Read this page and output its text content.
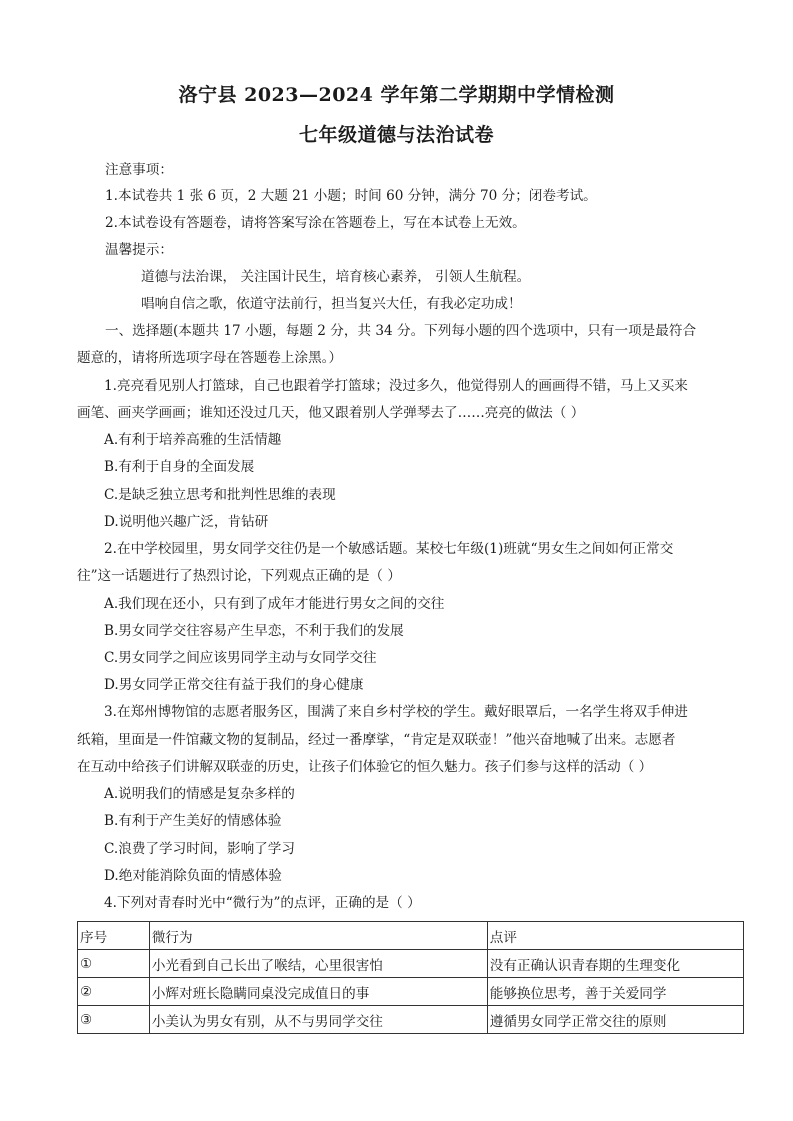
洛宁县 2023—2024 学年第二学期期中学情检测
七年级道德与法治试卷
注意事项：
1.本试卷共 1 张 6 页，2 大题 21 小题；时间 60 分钟，满分 70 分；闭卷考试。
2.本试卷设有答题卷，请将答案写涂在答题卷上，写在本试卷上无效。
温馨提示：
道德与法治课， 关注国计民生，培育核心素养， 引领人生航程。
唱响自信之歌，依道守法前行，担当复兴大任，有我必定功成！
一、选择题(本题共 17 小题，每题 2 分，共 34 分。下列每小题的四个选项中，只有一项是最符合
题意的，请将所选项字母在答题卷上涂黑。）
1.亮亮看见别人打篮球，自己也跟着学打篮球；没过多久，他觉得别人的画画得不错，马上又买来
画笔、画夹学画画；谁知还没过几天，他又跟着别人学弹琴去了……亮亮的做法（ ）
A.有利于培养高雅的生活情趣
B.有利于自身的全面发展
C.是缺乏独立思考和批判性思维的表现
D.说明他兴趣广泛，肯钻研
2.在中学校园里，男女同学交往仍是一个敏感话题。某校七年级(1)班就“男女生之间如何正常交
往”这一话题进行了热烈讨论，下列观点正确的是（ ）
A.我们现在还小，只有到了成年才能进行男女之间的交往
B.男女同学交往容易产生早恋，不利于我们的发展
C.男女同学之间应该男同学主动与女同学交往
D.男女同学正常交往有益于我们的身心健康
3.在郑州博物馆的志愿者服务区，围满了来自乡村学校的学生。戴好眼罩后，一名学生将双手伸进
纸箱，里面是一件馆藏文物的复制品，经过一番摩挲，“肯定是双联壶！”他兴奋地喊了出来。志愿者
在互动中给孩子们讲解双联壶的历史，让孩子们体验它的恒久魅力。孩子们参与这样的活动（ ）
A.说明我们的情感是复杂多样的
B.有利于产生美好的情感体验
C.浪费了学习时间，影响了学习
D.绝对能消除负面的情感体验
4.下列对青春时光中“微行为”的点评，正确的是（ ）
序号	微行为	点评
①	小光看到自己长出了喉结，心里很害怕	没有正确认识青春期的生理变化
②	小辉对班长隐瞒同桌没完成值日的事	能够换位思考，善于关爱同学
③	小美认为男女有别，从不与男同学交往	遵循男女同学正常交往的原则
